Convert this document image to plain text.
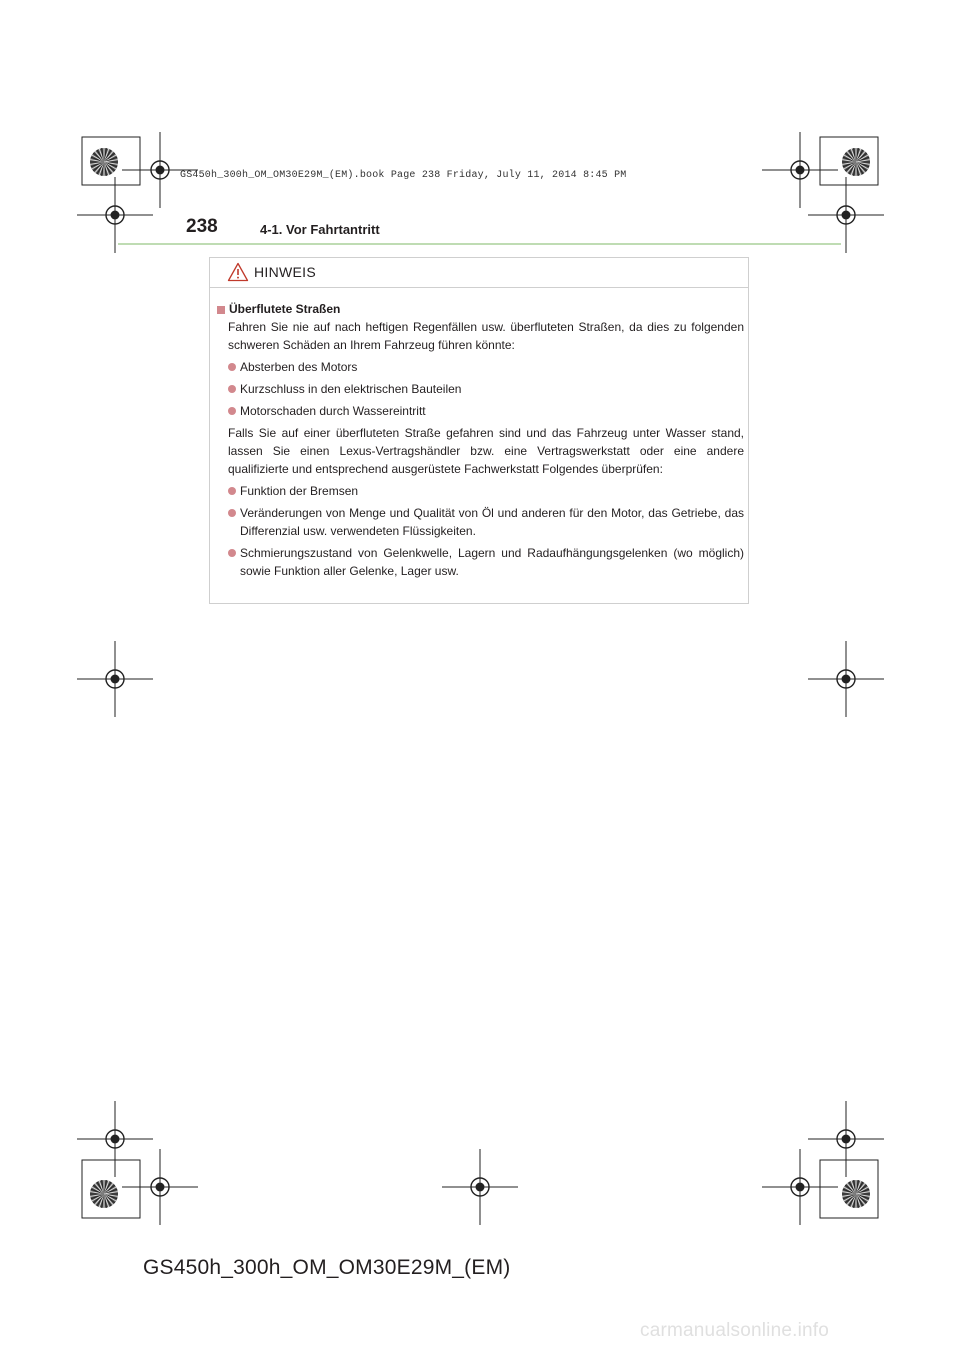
GS450h_300h_OM_OM30E29M_(EM).book Page 238 Friday, July 11, 2014 8:45 PM
238	4-1. Vor Fahrtantritt
HINWEIS
Überflutete Straßen
Fahren Sie nie auf nach heftigen Regenfällen usw. überfluteten Straßen, da dies zu folgenden schweren Schäden an Ihrem Fahrzeug führen könnte:
Absterben des Motors
Kurzschluss in den elektrischen Bauteilen
Motorschaden durch Wassereintritt
Falls Sie auf einer überfluteten Straße gefahren sind und das Fahrzeug unter Wasser stand, lassen Sie einen Lexus-Vertragshändler bzw. eine Vertragswerkstatt oder eine andere qualifizierte und entsprechend ausgerüstete Fachwerkstatt Folgendes überprüfen:
Funktion der Bremsen
Veränderungen von Menge und Qualität von Öl und anderen für den Motor, das Getriebe, das Differenzial usw. verwendeten Flüssigkeiten.
Schmierungszustand von Gelenkwelle, Lagern und Radaufhängungsgelenken (wo möglich) sowie Funktion aller Gelenke, Lager usw.
GS450h_300h_OM_OM30E29M_(EM)
carmanualsonline.info
